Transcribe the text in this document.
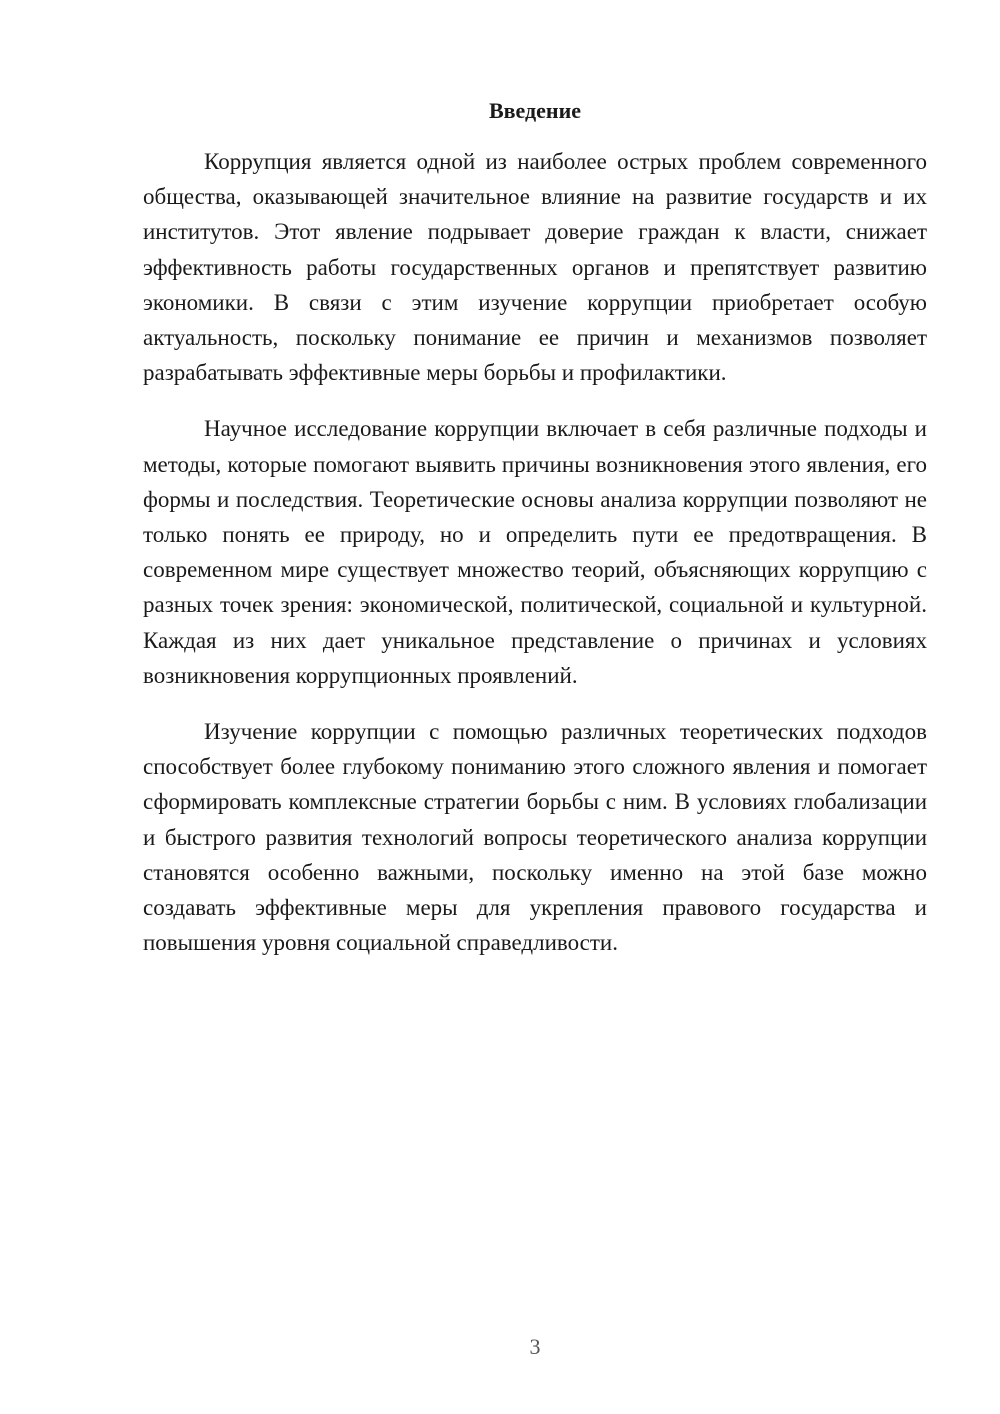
Введение

Коррупция является одной из наиболее острых проблем современного общества, оказывающей значительное влияние на развитие государств и их институтов. Этот явление подрывает доверие граждан к власти, снижает эффективность работы государственных органов и препятствует развитию экономики. В связи с этим изучение коррупции приобретает особую актуальность, поскольку понимание ее причин и механизмов позволяет разрабатывать эффективные меры борьбы и профилактики.

Научное исследование коррупции включает в себя различные подходы и методы, которые помогают выявить причины возникновения этого явления, его формы и последствия. Теоретические основы анализа коррупции позволяют не только понять ее природу, но и определить пути ее предотвращения. В современном мире существует множество теорий, объясняющих коррупцию с разных точек зрения: экономической, политической, социальной и культурной. Каждая из них дает уникальное представление о причинах и условиях возникновения коррупционных проявлений.

Изучение коррупции с помощью различных теоретических подходов способствует более глубокому пониманию этого сложного явления и помогает сформировать комплексные стратегии борьбы с ним. В условиях глобализации и быстрого развития технологий вопросы теоретического анализа коррупции становятся особенно важными, поскольку именно на этой базе можно создавать эффективные меры для укрепления правового государства и повышения уровня социальной справедливости.

3
